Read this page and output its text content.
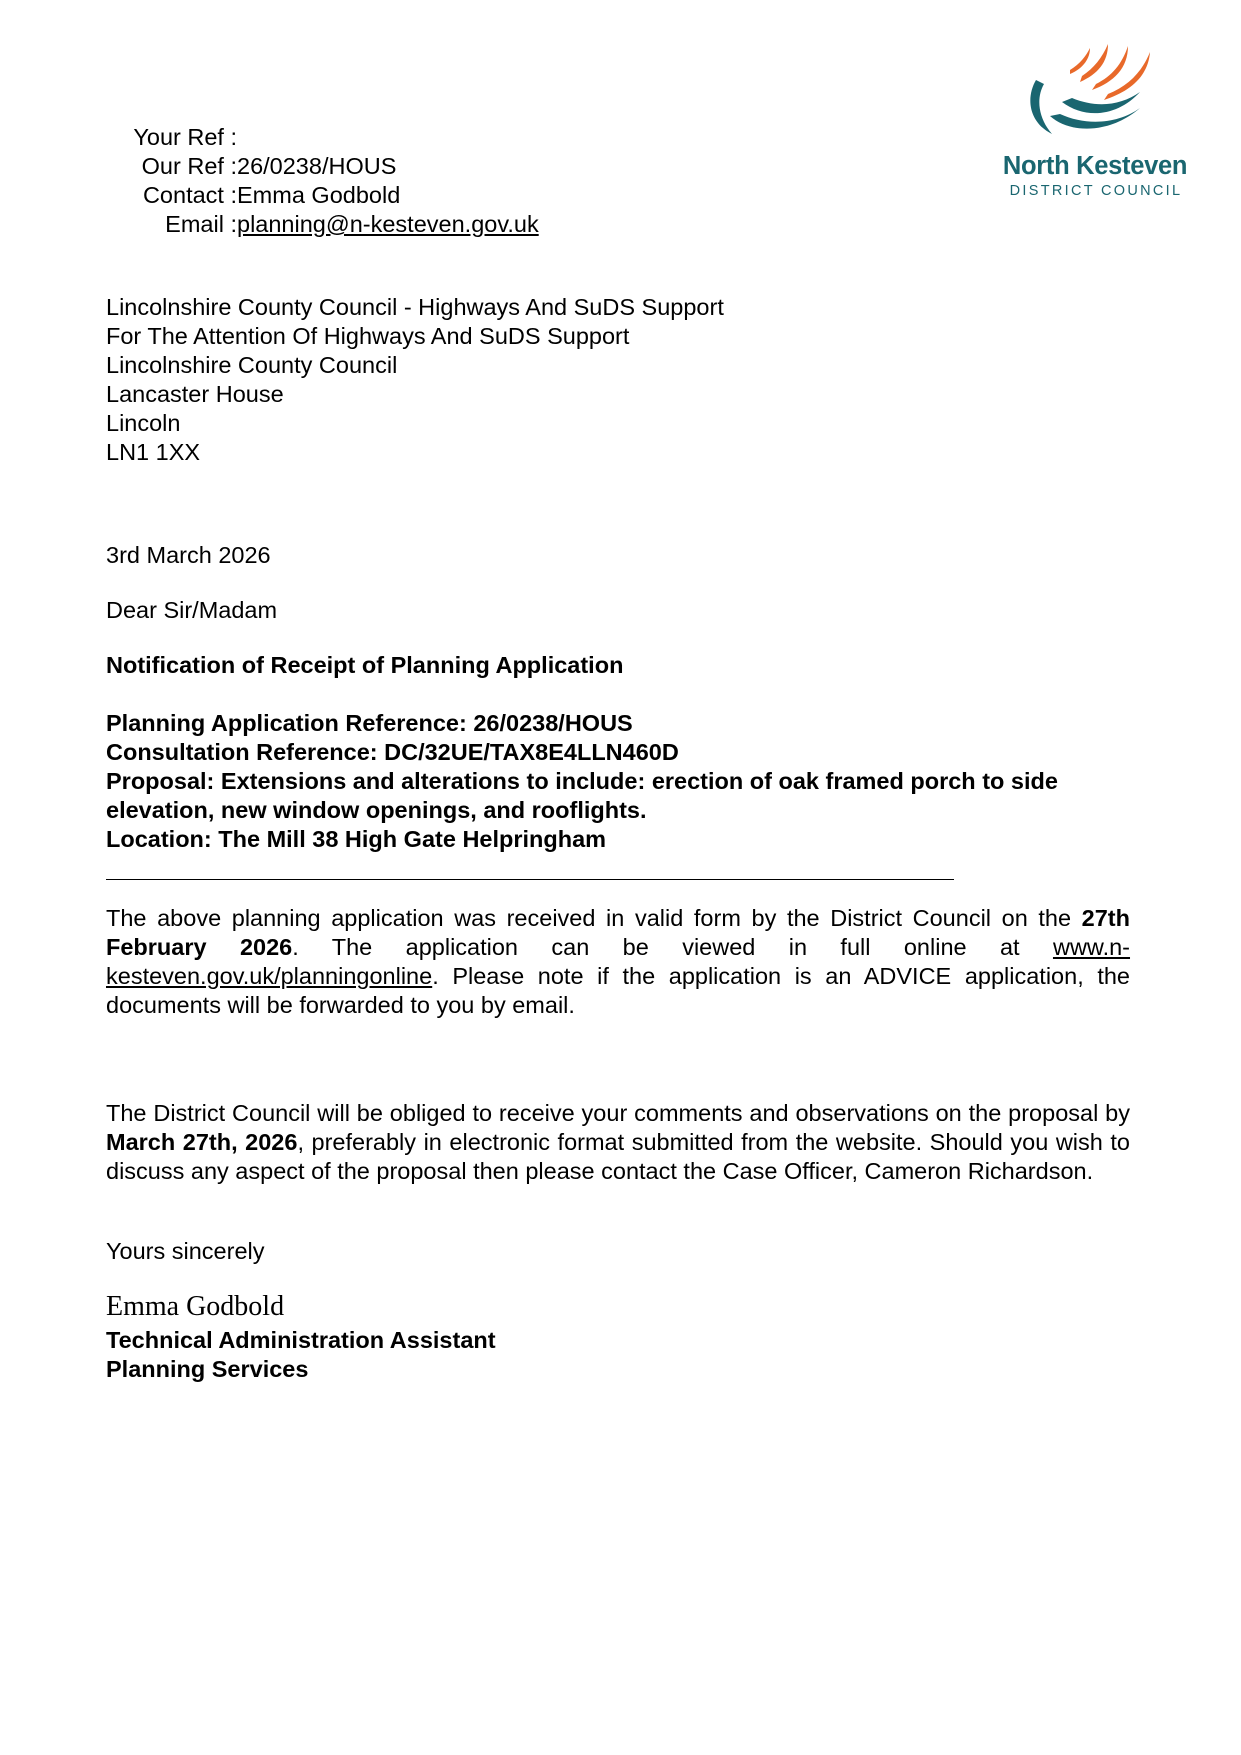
Your Ref :
Our Ref : 26/0238/HOUS
Contact : Emma Godbold
Email : planning@n-kesteven.gov.uk
North Kesteven
DISTRICT COUNCIL
Lincolnshire County Council - Highways And SuDS Support
For The Attention Of Highways And SuDS Support
Lincolnshire County Council
Lancaster House
Lincoln
LN1 1XX
3rd March 2026
Dear Sir/Madam
Notification of Receipt of Planning Application
Planning Application Reference: 26/0238/HOUS
Consultation Reference: DC/32UE/TAX8E4LLN460D
Proposal: Extensions and alterations to include: erection of oak framed porch to side
elevation, new window openings, and rooflights.
Location: The Mill 38 High Gate Helpringham
The above planning application was received in valid form by the District Council on the 27th February 2026. The application can be viewed in full online at www.n-kesteven.gov.uk/planningonline. Please note if the application is an ADVICE application, the documents will be forwarded to you by email.
The District Council will be obliged to receive your comments and observations on the proposal by March 27th, 2026, preferably in electronic format submitted from the website. Should you wish to discuss any aspect of the proposal then please contact the Case Officer, Cameron Richardson.
Yours sincerely
Emma Godbold
Technical Administration Assistant
Planning Services
